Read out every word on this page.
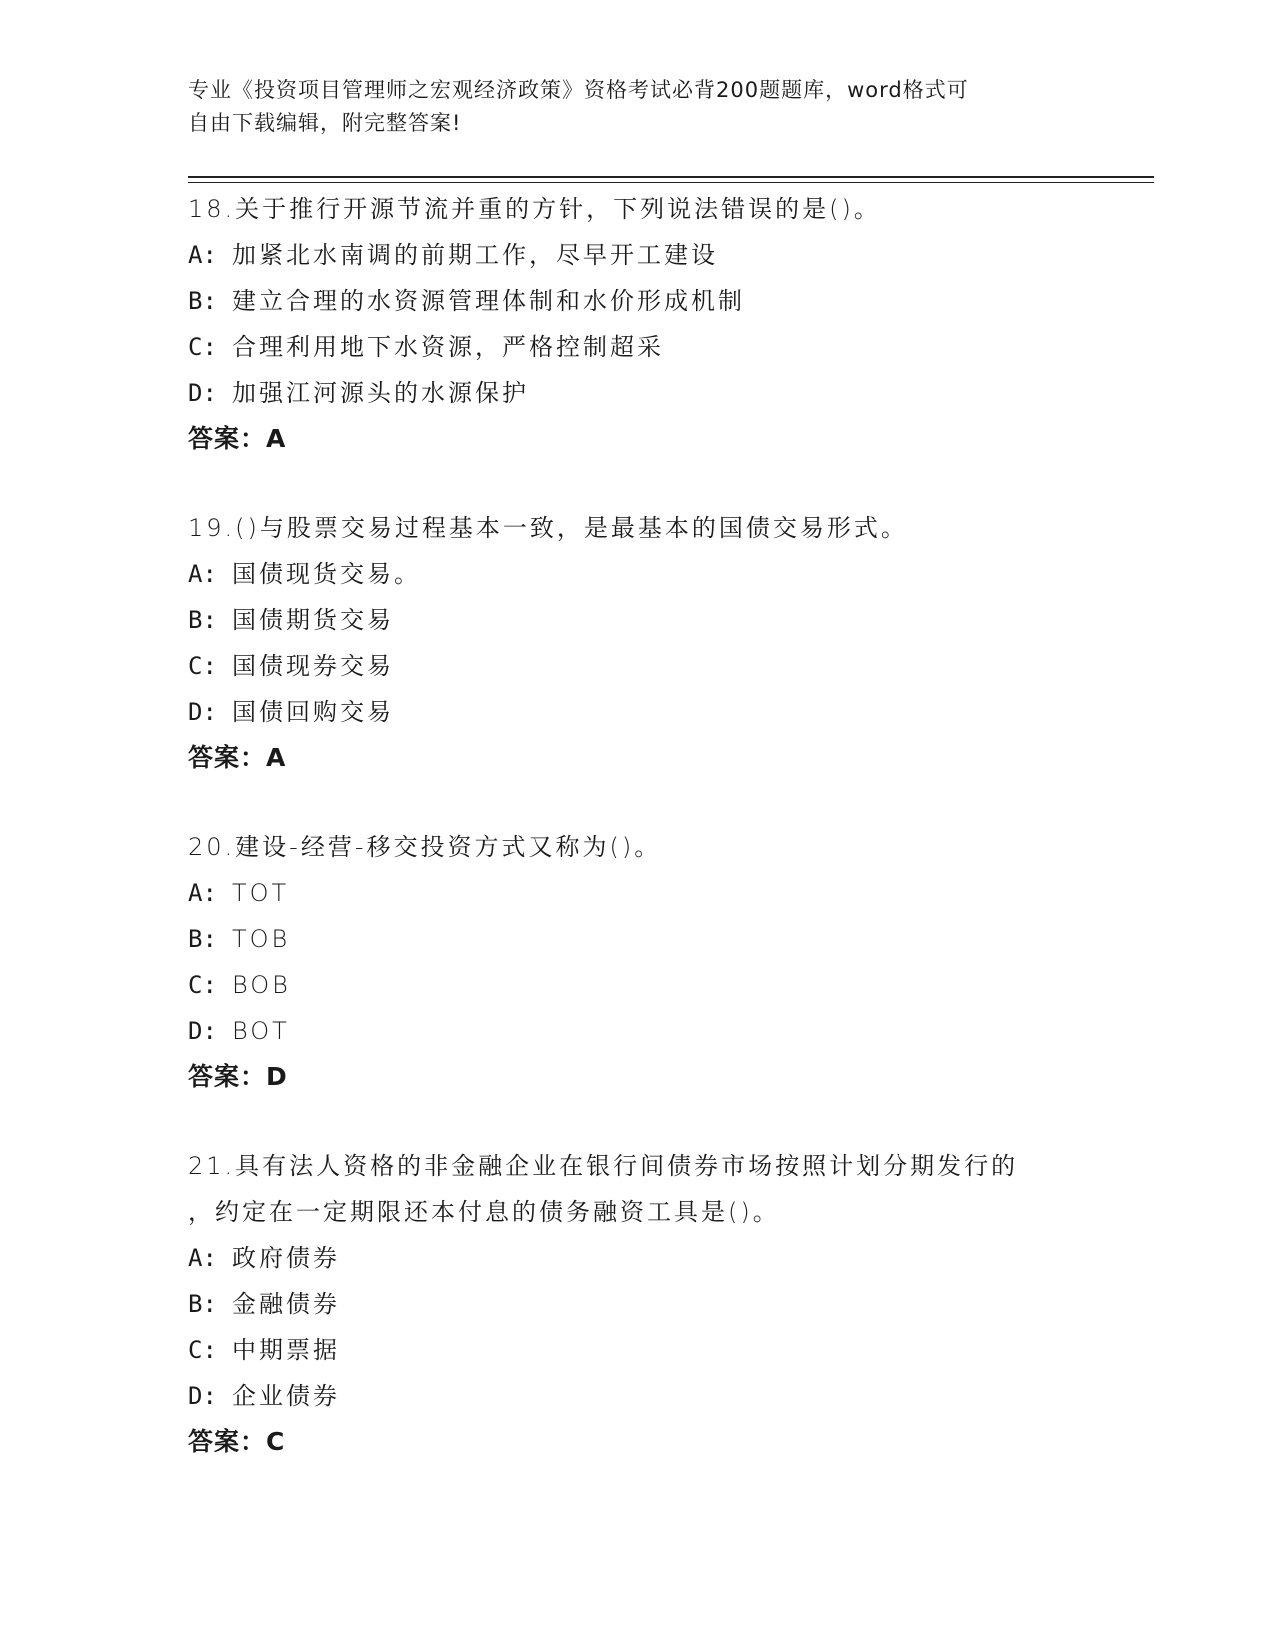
专业《投资项目管理师之宏观经济政策》资格考试必背200题题库，word格式可
自由下载编辑，附完整答案!
18.关于推行开源节流并重的方针，下列说法错误的是()。
A: 加紧北水南调的前期工作，尽早开工建设
B: 建立合理的水资源管理体制和水价形成机制
C: 合理利用地下水资源，严格控制超采
D: 加强江河源头的水源保护
答案：A
19.()与股票交易过程基本一致，是最基本的国债交易形式。
A: 国债现货交易。
B: 国债期货交易
C: 国债现券交易
D: 国债回购交易
答案：A
20.建设-经营-移交投资方式又称为()。
A: TOT
B: TOB
C: BOB
D: BOT
答案：D
21.具有法人资格的非金融企业在银行间债券市场按照计划分期发行的
，约定在一定期限还本付息的债务融资工具是()。
A: 政府债券
B: 金融债券
C: 中期票据
D: 企业债券
答案：C
